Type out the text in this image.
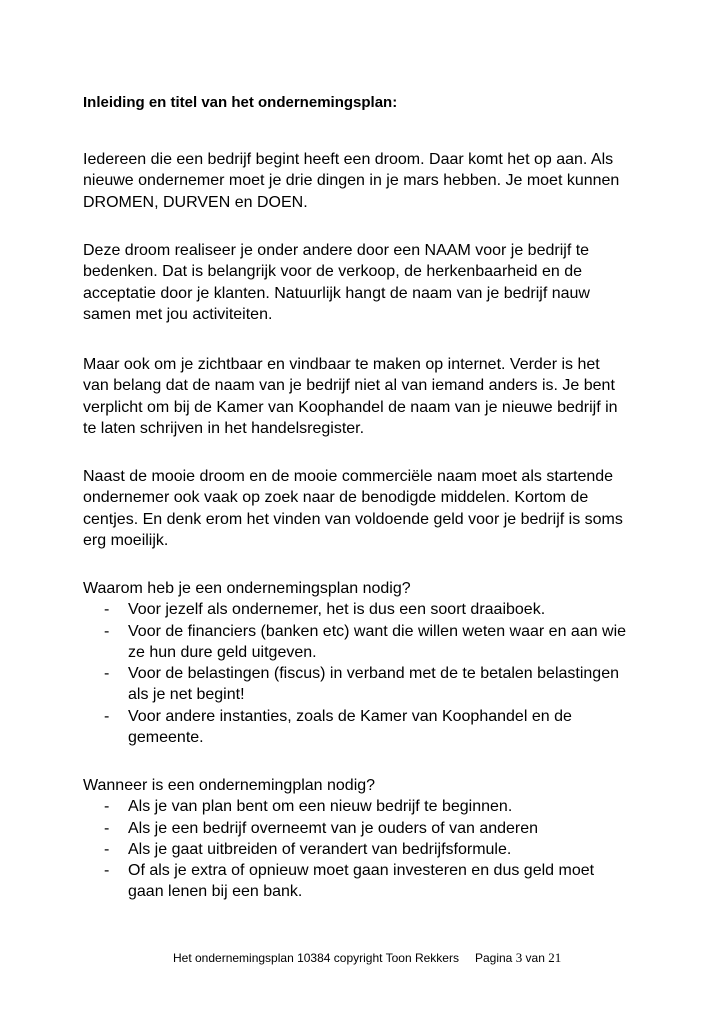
Inleiding en titel van het ondernemingsplan:
Iedereen die een bedrijf begint heeft een droom. Daar komt het op aan. Als
nieuwe ondernemer moet je drie dingen in je mars hebben. Je moet kunnen
DROMEN, DURVEN en DOEN.
Deze droom realiseer je onder andere door een NAAM voor je bedrijf te
bedenken. Dat is belangrijk voor de verkoop, de herkenbaarheid en de
acceptatie door je klanten. Natuurlijk hangt de naam van je bedrijf nauw
samen met jou activiteiten.
Maar ook om je zichtbaar en vindbaar te maken op internet. Verder is het
van belang dat de naam van je bedrijf niet al van iemand anders is. Je bent
verplicht om bij de Kamer van Koophandel de naam van je nieuwe bedrijf in
te laten schrijven in het handelsregister.
Naast de mooie droom en de mooie commerciële naam moet als startende
ondernemer ook vaak op zoek naar de benodigde middelen. Kortom de
centjes. En denk erom het vinden van voldoende geld voor je bedrijf is soms
erg moeilijk.
Waarom heb je een ondernemingsplan nodig?
- Voor jezelf als ondernemer, het is dus een soort draaiboek.
- Voor de financiers (banken etc) want die willen weten waar en aan wie
ze hun dure geld uitgeven.
- Voor de belastingen (fiscus) in verband met de te betalen belastingen
als je net begint!
- Voor andere instanties, zoals de Kamer van Koophandel en de
gemeente.
Wanneer is een ondernemingplan nodig?
- Als je van plan bent om een nieuw bedrijf te beginnen.
- Als je een bedrijf overneemt van je ouders of van anderen
- Als je gaat uitbreiden of verandert van bedrijfsformule.
- Of als je extra of opnieuw moet gaan investeren en dus geld moet
gaan lenen bij een bank.
Het ondernemingsplan 10384 copyright Toon Rekkers Pagina 3 van 21
